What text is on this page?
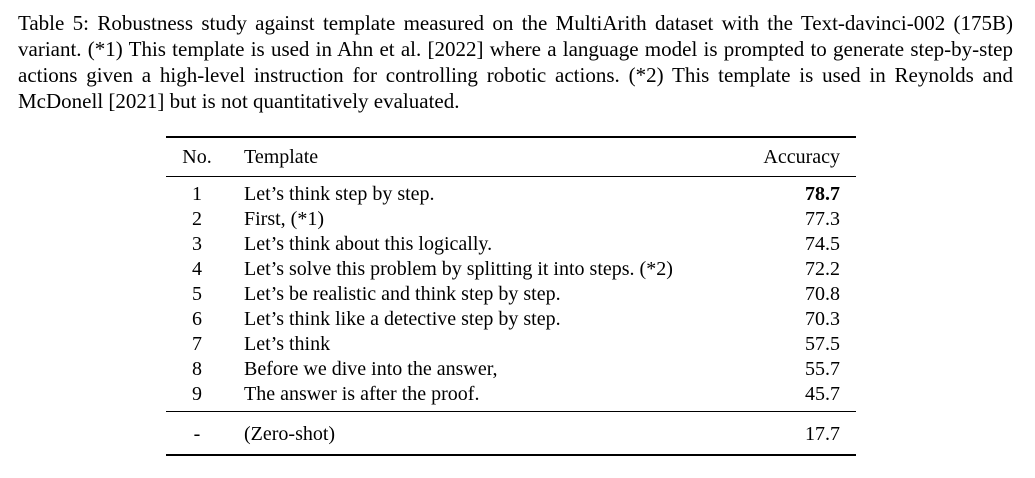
Table 5: Robustness study against template measured on the MultiArith dataset with the Text-davinci-002 (175B) variant. (*1) This template is used in Ahn et al. [2022] where a language model is prompted to generate step-by-step actions given a high-level instruction for controlling robotic actions. (*2) This template is used in Reynolds and McDonell [2021] but is not quantitatively evaluated.

No.	Template	Accuracy
1	Let’s think step by step.	78.7
2	First, (*1)	77.3
3	Let’s think about this logically.	74.5
4	Let’s solve this problem by splitting it into steps. (*2)	72.2
5	Let’s be realistic and think step by step.	70.8
6	Let’s think like a detective step by step.	70.3
7	Let’s think	57.5
8	Before we dive into the answer,	55.7
9	The answer is after the proof.	45.7
-	(Zero-shot)	17.7
